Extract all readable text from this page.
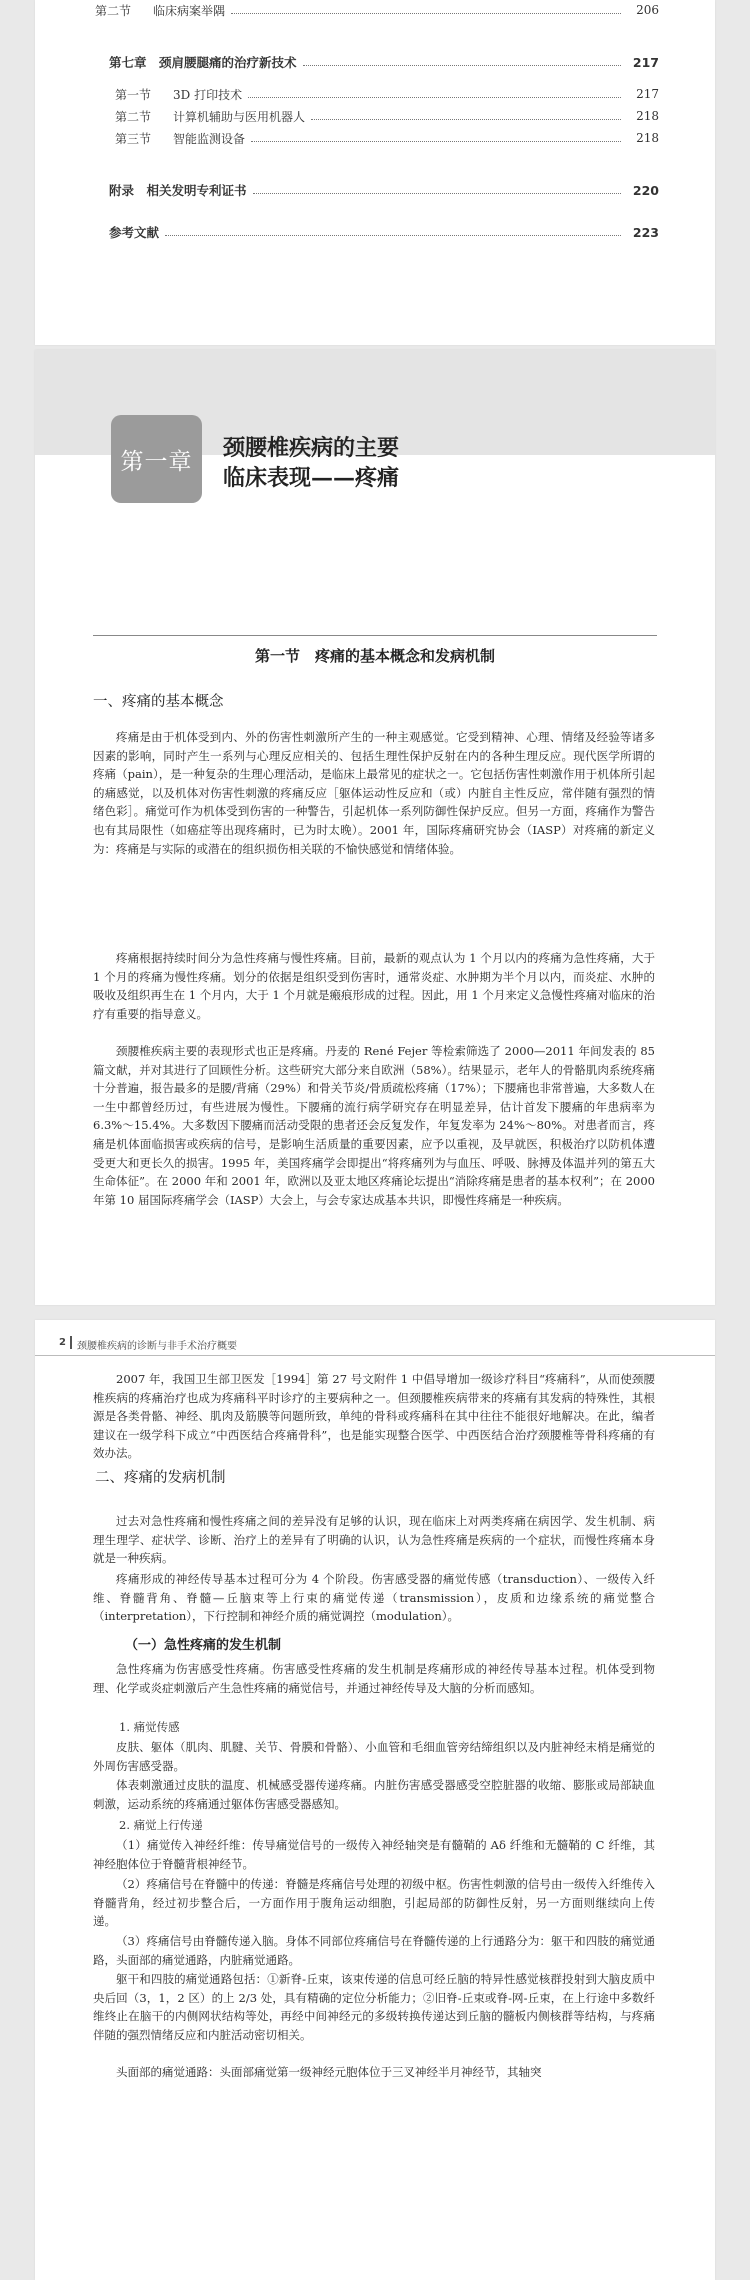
第二节	临床病案举隅	206
第七章　颈肩腰腿痛的治疗新技术	217
第一节	3D 打印技术	217
第二节	计算机辅助与医用机器人	218
第三节	智能监测设备	218
附录　相关发明专利证书	220
参考文献	223
第一章
颈腰椎疾病的主要
临床表现——疼痛
第一节　疼痛的基本概念和发病机制
一、疼痛的基本概念

疼痛是由于机体受到内、外的伤害性刺激所产生的一种主观感觉。它受到精神、心理、情绪及经验等诸多因素的影响，同时产生一系列与心理反应相关的、包括生理性保护反射在内的各种生理反应。现代医学所谓的疼痛（pain），是一种复杂的生理心理活动，是临床上最常见的症状之一。它包括伤害性刺激作用于机体所引起的痛感觉，以及机体对伤害性刺激的疼痛反应［躯体运动性反应和（或）内脏自主性反应，常伴随有强烈的情绪色彩］。痛觉可作为机体受到伤害的一种警告，引起机体一系列防御性保护反应。但另一方面，疼痛作为警告也有其局限性（如癌症等出现疼痛时，已为时太晚）。2001 年，国际疼痛研究协会（IASP）对疼痛的新定义为：疼痛是与实际的或潜在的组织损伤相关联的不愉快感觉和情绪体验。

疼痛根据持续时间分为急性疼痛与慢性疼痛。目前，最新的观点认为 1 个月以内的疼痛为急性疼痛，大于 1 个月的疼痛为慢性疼痛。划分的依据是组织受到伤害时，通常炎症、水肿期为半个月以内，而炎症、水肿的吸收及组织再生在 1 个月内，大于 1 个月就是瘢痕形成的过程。因此，用 1 个月来定义急慢性疼痛对临床的治疗有重要的指导意义。

颈腰椎疾病主要的表现形式也正是疼痛。丹麦的 René Fejer 等检索筛选了 2000—2011 年间发表的 85 篇文献，并对其进行了回顾性分析。这些研究大部分来自欧洲（58%）。结果显示，老年人的骨骼肌肉系统疼痛十分普遍，报告最多的是腰/背痛（29%）和骨关节炎/骨质疏松疼痛（17%）；下腰痛也非常普遍，大多数人在一生中都曾经历过，有些进展为慢性。下腰痛的流行病学研究存在明显差异，估计首发下腰痛的年患病率为 6.3%～15.4%。大多数因下腰痛而活动受限的患者还会反复发作，年复发率为 24%～80%。对患者而言，疼痛是机体面临损害或疾病的信号，是影响生活质量的重要因素，应予以重视，及早就医，积极治疗以防机体遭受更大和更长久的损害。1995 年，美国疼痛学会即提出“将疼痛列为与血压、呼吸、脉搏及体温并列的第五大生命体征”。在 2000 年和 2001 年，欧洲以及亚太地区疼痛论坛提出“消除疼痛是患者的基本权利”；在 2000 年第 10 届国际疼痛学会（IASP）大会上，与会专家达成基本共识，即慢性疼痛是一种疾病。

2 颈腰椎疾病的诊断与非手术治疗概要

2007 年，我国卫生部卫医发［1994］第 27 号文附件 1 中倡导增加一级诊疗科目“疼痛科”，从而使颈腰椎疾病的疼痛治疗也成为疼痛科平时诊疗的主要病种之一。但颈腰椎疾病带来的疼痛有其发病的特殊性，其根源是各类骨骼、神经、肌肉及筋膜等问题所致，单纯的骨科或疼痛科在其中往往不能很好地解决。在此，编者建议在一级学科下成立“中西医结合疼痛骨科”，也是能实现整合医学、中西医结合治疗颈腰椎等骨科疼痛的有效办法。

二、疼痛的发病机制

过去对急性疼痛和慢性疼痛之间的差异没有足够的认识，现在临床上对两类疼痛在病因学、发生机制、病理生理学、症状学、诊断、治疗上的差异有了明确的认识，认为急性疼痛是疾病的一个症状，而慢性疼痛本身就是一种疾病。

疼痛形成的神经传导基本过程可分为 4 个阶段。伤害感受器的痛觉传感（transduction）、一级传入纤维、脊髓背角、脊髓—丘脑束等上行束的痛觉传递（transmission），皮质和边缘系统的痛觉整合（interpretation），下行控制和神经介质的痛觉调控（modulation）。

（一）急性疼痛的发生机制

急性疼痛为伤害感受性疼痛。伤害感受性疼痛的发生机制是疼痛形成的神经传导基本过程。机体受到物理、化学或炎症刺激后产生急性疼痛的痛觉信号，并通过神经传导及大脑的分析而感知。

1. 痛觉传感

皮肤、躯体（肌肉、肌腱、关节、骨膜和骨骼）、小血管和毛细血管旁结缔组织以及内脏神经末梢是痛觉的外周伤害感受器。

体表刺激通过皮肤的温度、机械感受器传递疼痛。内脏伤害感受器感受空腔脏器的收缩、膨胀或局部缺血刺激，运动系统的疼痛通过躯体伤害感受器感知。

2. 痛觉上行传递

（1）痛觉传入神经纤维：传导痛觉信号的一级传入神经轴突是有髓鞘的 Aδ 纤维和无髓鞘的 C 纤维，其神经胞体位于脊髓背根神经节。

（2）疼痛信号在脊髓中的传递：脊髓是疼痛信号处理的初级中枢。伤害性刺激的信号由一级传入纤维传入脊髓背角，经过初步整合后，一方面作用于腹角运动细胞，引起局部的防御性反射，另一方面则继续向上传递。

（3）疼痛信号由脊髓传递入脑。身体不同部位疼痛信号在脊髓传递的上行通路分为：躯干和四肢的痛觉通路，头面部的痛觉通路，内脏痛觉通路。

躯干和四肢的痛觉通路包括：①新脊-丘束，该束传递的信息可经丘脑的特异性感觉核群投射到大脑皮质中央后回（3，1，2 区）的上 2/3 处，具有精确的定位分析能力；②旧脊-丘束或脊-网-丘束，在上行途中多数纤维终止在脑干的内侧网状结构等处，再经中间神经元的多级转换传递达到丘脑的髓板内侧核群等结构，与疼痛伴随的强烈情绪反应和内脏活动密切相关。

头面部的痛觉通路：头面部痛觉第一级神经元胞体位于三叉神经半月神经节，其轴突
